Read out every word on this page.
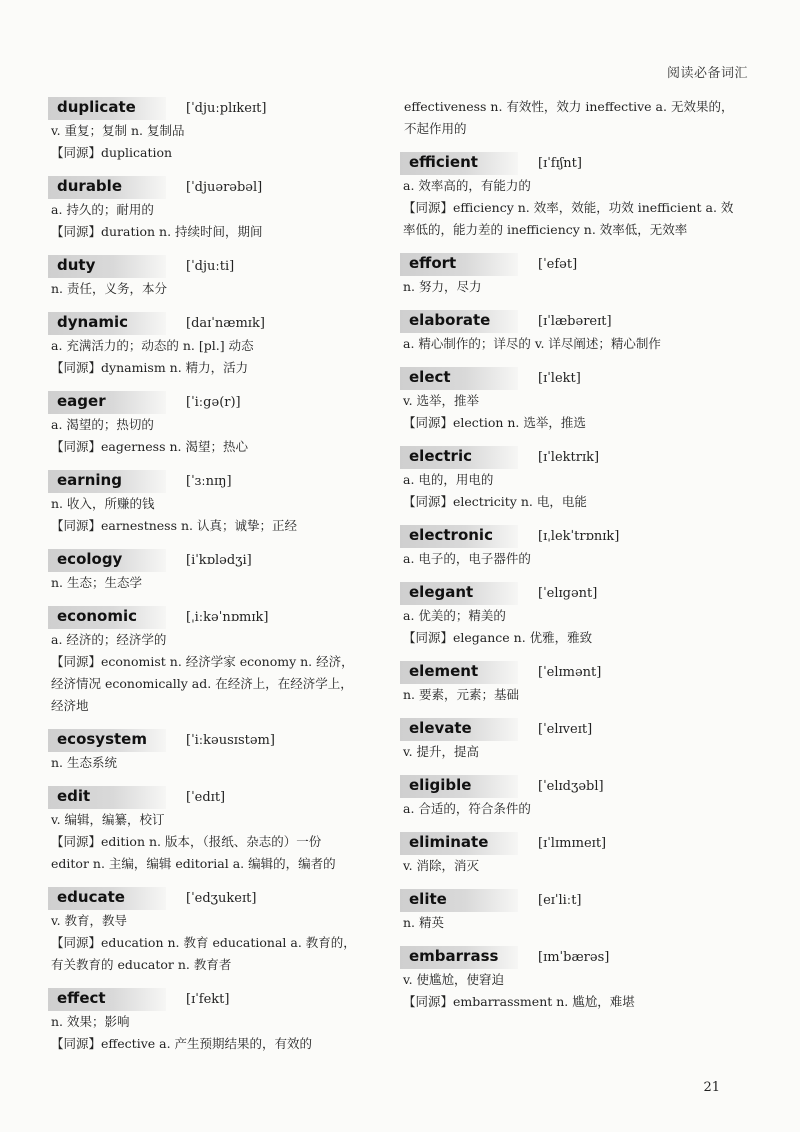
阅读必备词汇
duplicate	[ˈdjuːplɪkeɪt]
v. 重复；复制 n. 复制品
【同源】duplication
durable	[ˈdjuərəbəl]
a. 持久的；耐用的
【同源】duration n. 持续时间，期间
duty	[ˈdjuːti]
n. 责任，义务，本分
dynamic	[daɪˈnæmɪk]
a. 充满活力的；动态的 n. [pl.] 动态
【同源】dynamism n. 精力，活力
eager	[ˈiːgə(r)]
a. 渴望的；热切的
【同源】eagerness n. 渴望；热心
earning	[ˈɜːnɪŋ]
n. 收入，所赚的钱
【同源】earnestness n. 认真；诚挚；正经
ecology	[iˈkɒlədʒi]
n. 生态；生态学
economic	[ˌiːkəˈnɒmɪk]
a. 经济的；经济学的
【同源】economist n. 经济学家 economy n. 经济，
经济情况 economically ad. 在经济上，在经济学上，
经济地
ecosystem	[ˈiːkəusɪstəm]
n. 生态系统
edit	[ˈedɪt]
v. 编辑，编纂，校订
【同源】edition n. 版本，（报纸、杂志的）一份
editor n. 主编，编辑 editorial a. 编辑的，编者的
educate	[ˈedʒukeɪt]
v. 教育，教导
【同源】education n. 教育 educational a. 教育的，
有关教育的 educator n. 教育者
effect	[ɪˈfekt]
n. 效果；影响
【同源】effective a. 产生预期结果的，有效的
effectiveness n. 有效性，效力 ineffective a. 无效果的，
不起作用的
efficient	[ɪˈfɪʃnt]
a. 效率高的，有能力的
【同源】efficiency n. 效率，效能，功效 inefficient a. 效
率低的，能力差的 inefficiency n. 效率低，无效率
effort	[ˈefət]
n. 努力，尽力
elaborate	[ɪˈlæbəreɪt]
a. 精心制作的；详尽的 v. 详尽阐述；精心制作
elect	[ɪˈlekt]
v. 选举，推举
【同源】election n. 选举，推选
electric	[ɪˈlektrɪk]
a. 电的，用电的
【同源】electricity n. 电，电能
electronic	[ɪˌlekˈtrɒnɪk]
a. 电子的，电子器件的
elegant	[ˈelɪgənt]
a. 优美的；精美的
【同源】elegance n. 优雅，雅致
element	[ˈelɪmənt]
n. 要素，元素；基础
elevate	[ˈelɪveɪt]
v. 提升，提高
eligible	[ˈelɪdʒəbl]
a. 合适的，符合条件的
eliminate	[ɪˈlɪmɪneɪt]
v. 消除，消灭
elite	[eɪˈliːt]
n. 精英
embarrass	[ɪmˈbærəs]
v. 使尴尬，使窘迫
【同源】embarrassment n. 尴尬，难堪
21
